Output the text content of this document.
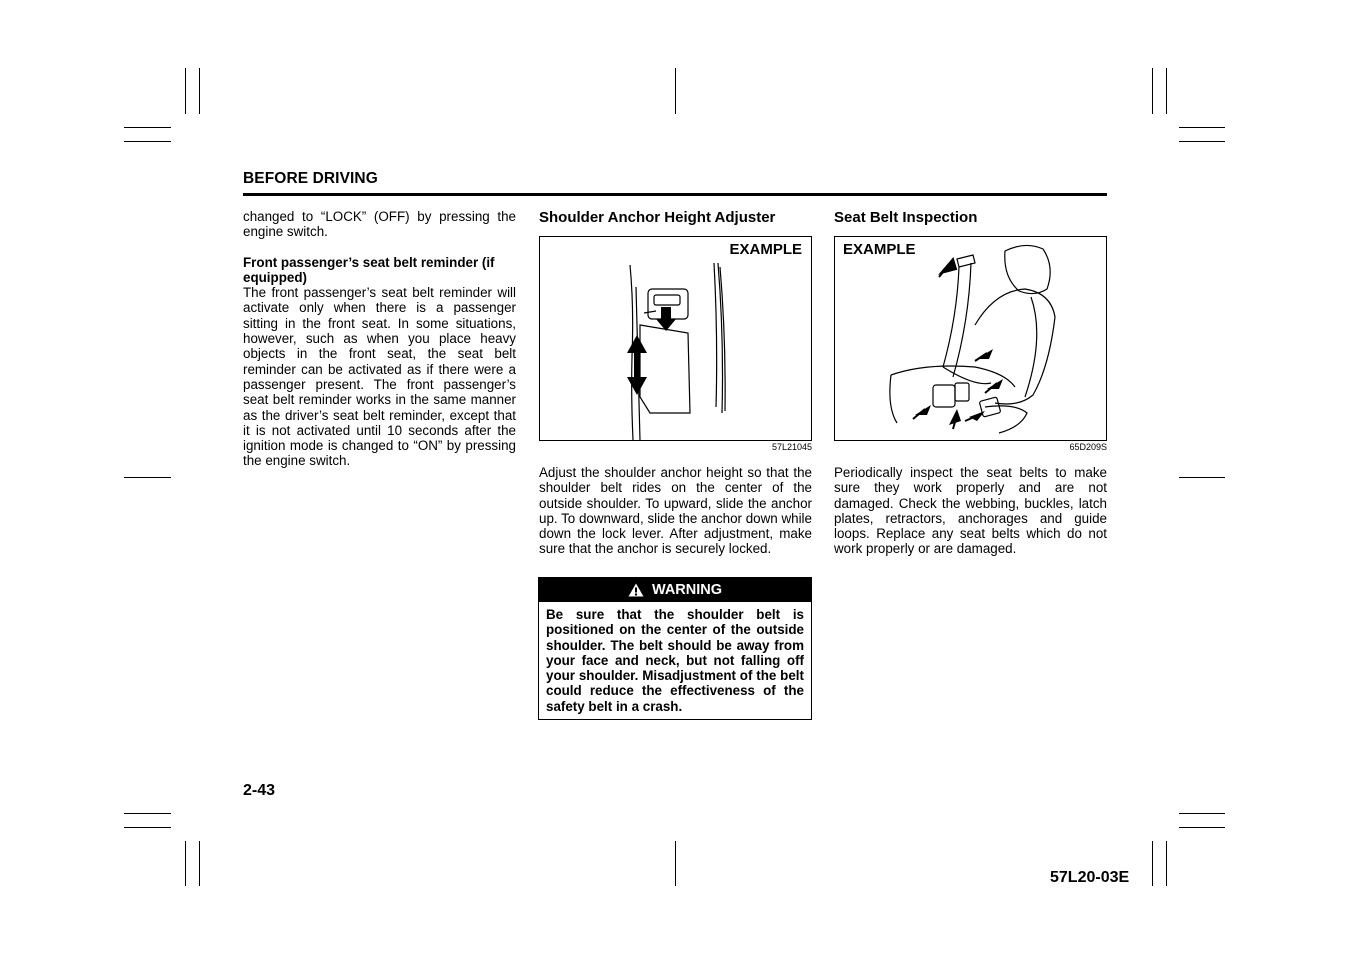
BEFORE DRIVING
changed to “LOCK” (OFF) by pressing the engine switch.
Front passenger’s seat belt reminder (if equipped)
The front passenger’s seat belt reminder will activate only when there is a passenger sitting in the front seat. In some situations, however, such as when you place heavy objects in the front seat, the seat belt reminder can be activated as if there were a passenger present. The front passenger’s seat belt reminder works in the same manner as the driver’s seat belt reminder, except that it is not activated until 10 seconds after the ignition mode is changed to “ON” by pressing the engine switch.
Shoulder Anchor Height Adjuster
EXAMPLE
57L21045
Adjust the shoulder anchor height so that the shoulder belt rides on the center of the outside shoulder. To upward, slide the anchor up. To downward, slide the anchor down while down the lock lever. After adjustment, make sure that the anchor is securely locked.
WARNING
Be sure that the shoulder belt is positioned on the center of the outside shoulder. The belt should be away from your face and neck, but not falling off your shoulder. Misadjustment of the belt could reduce the effectiveness of the safety belt in a crash.
Seat Belt Inspection
EXAMPLE
65D209S
Periodically inspect the seat belts to make sure they work properly and are not damaged. Check the webbing, buckles, latch plates, retractors, anchorages and guide loops. Replace any seat belts which do not work properly or are damaged.
2-43
57L20-03E
